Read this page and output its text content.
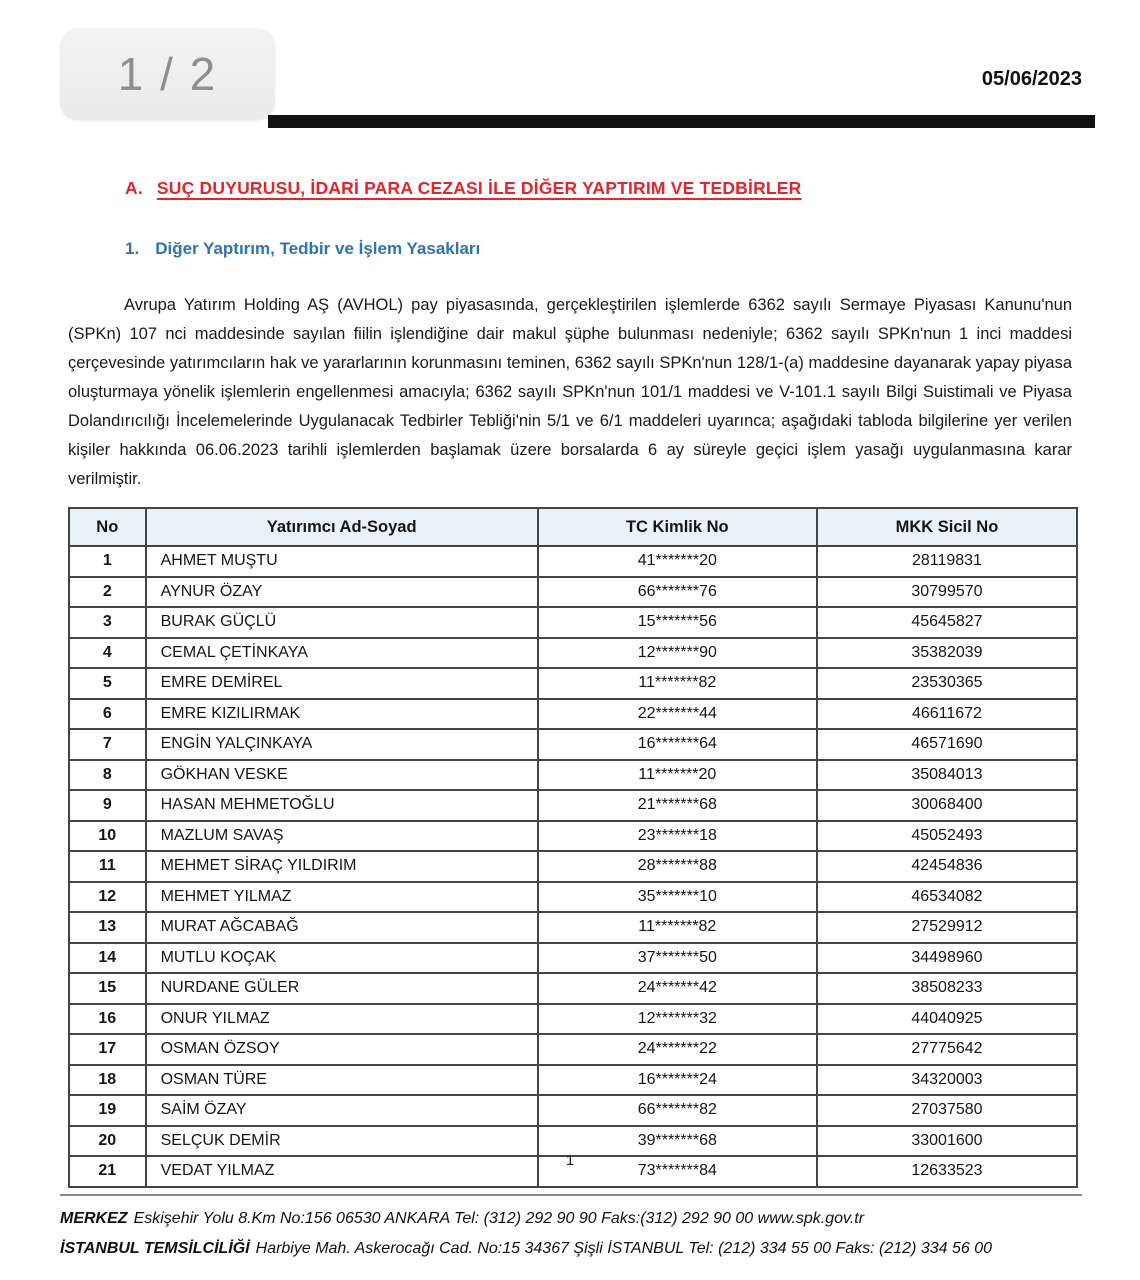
1 / 2	05/06/2023
A. SUÇ DUYURUSU, İDARİ PARA CEZASI İLE DİĞER YAPTIRIM VE TEDBİRLER
1. Diğer Yaptırım, Tedbir ve İşlem Yasakları

Avrupa Yatırım Holding AŞ (AVHOL) pay piyasasında, gerçekleştirilen işlemlerde 6362 sayılı Sermaye Piyasası Kanunu'nun (SPKn) 107 nci maddesinde sayılan fiilin işlendiğine dair makul şüphe bulunması nedeniyle; 6362 sayılı SPKn'nun 1 inci maddesi çerçevesinde yatırımcıların hak ve yararlarının korunmasını teminen, 6362 sayılı SPKn'nun 128/1-(a) maddesine dayanarak yapay piyasa oluşturmaya yönelik işlemlerin engellenmesi amacıyla; 6362 sayılı SPKn'nun 101/1 maddesi ve V-101.1 sayılı Bilgi Suistimali ve Piyasa Dolandırıcılığı İncelemelerinde Uygulanacak Tedbirler Tebliği'nin 5/1 ve 6/1 maddeleri uyarınca; aşağıdaki tabloda bilgilerine yer verilen kişiler hakkında 06.06.2023 tarihli işlemlerden başlamak üzere borsalarda 6 ay süreyle geçici işlem yasağı uygulanmasına karar verilmiştir.

No	Yatırımcı Ad-Soyad	TC Kimlik No	MKK Sicil No
1	AHMET MUŞTU	41*******20	28119831
2	AYNUR ÖZAY	66*******76	30799570
3	BURAK GÜÇLÜ	15*******56	45645827
4	CEMAL ÇETİNKAYA	12*******90	35382039
5	EMRE DEMİREL	11*******82	23530365
6	EMRE KIZILIRMAK	22*******44	46611672
7	ENGİN YALÇINKAYA	16*******64	46571690
8	GÖKHAN VESKE	11*******20	35084013
9	HASAN MEHMETOĞLU	21*******68	30068400
10	MAZLUM SAVAŞ	23*******18	45052493
11	MEHMET SİRAÇ YILDIRIM	28*******88	42454836
12	MEHMET YILMAZ	35*******10	46534082
13	MURAT AĞCABAĞ	11*******82	27529912
14	MUTLU KOÇAK	37*******50	34498960
15	NURDANE GÜLER	24*******42	38508233
16	ONUR YILMAZ	12*******32	44040925
17	OSMAN ÖZSOY	24*******22	27775642
18	OSMAN TÜRE	16*******24	34320003
19	SAİM ÖZAY	66*******82	27037580
20	SELÇUK DEMİR	39*******68	33001600
21	VEDAT YILMAZ	73*******84	12633523
1
MERKEZ Eskişehir Yolu 8.Km No:156 06530 ANKARA Tel: (312) 292 90 90 Faks:(312) 292 90 00 www.spk.gov.tr
İSTANBUL TEMSİLCİLİĞİ Harbiye Mah. Askerocağı Cad. No:15 34367 Şişli İSTANBUL Tel: (212) 334 55 00 Faks: (212) 334 56 00
